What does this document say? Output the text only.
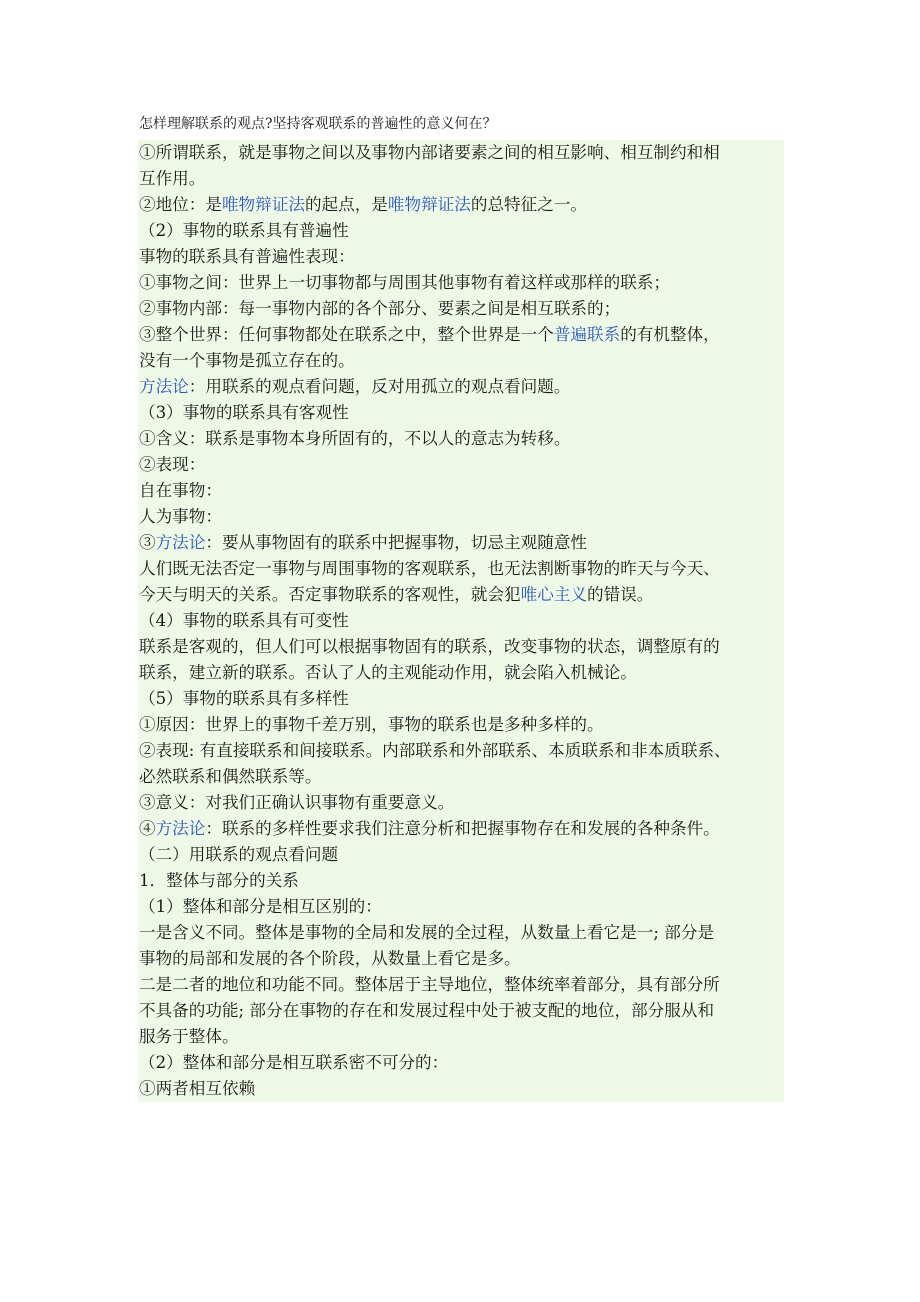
怎样理解联系的观点?坚持客观联系的普遍性的意义何在？
①所谓联系，就是事物之间以及事物内部诸要素之间的相互影响、相互制约和相
互作用。
②地位：是唯物辩证法的起点，是唯物辩证法的总特征之一。
（2）事物的联系具有普遍性
事物的联系具有普遍性表现：
①事物之间：世界上一切事物都与周围其他事物有着这样或那样的联系；
②事物内部：每一事物内部的各个部分、要素之间是相互联系的；
③整个世界：任何事物都处在联系之中，整个世界是一个普遍联系的有机整体，
没有一个事物是孤立存在的。
方法论：用联系的观点看问题，反对用孤立的观点看问题。
（3）事物的联系具有客观性
①含义：联系是事物本身所固有的，不以人的意志为转移。
②表现：
自在事物：
人为事物：
③方法论：要从事物固有的联系中把握事物，切忌主观随意性
人们既无法否定一事物与周围事物的客观联系，也无法割断事物的昨天与今天、
今天与明天的关系。否定事物联系的客观性，就会犯唯心主义的错误。
（4）事物的联系具有可变性
联系是客观的，但人们可以根据事物固有的联系，改变事物的状态，调整原有的
联系，建立新的联系。否认了人的主观能动作用，就会陷入机械论。
（5）事物的联系具有多样性
①原因：世界上的事物千差万别，事物的联系也是多种多样的。
②表现: 有直接联系和间接联系。内部联系和外部联系、本质联系和非本质联系、
必然联系和偶然联系等。
③意义：对我们正确认识事物有重要意义。
④方法论：联系的多样性要求我们注意分析和把握事物存在和发展的各种条件。
（二）用联系的观点看问题
1．整体与部分的关系
（1）整体和部分是相互区别的：
一是含义不同。整体是事物的全局和发展的全过程，从数量上看它是一; 部分是
事物的局部和发展的各个阶段，从数量上看它是多。
二是二者的地位和功能不同。整体居于主导地位，整体统率着部分，具有部分所
不具备的功能; 部分在事物的存在和发展过程中处于被支配的地位，部分服从和
服务于整体。
（2）整体和部分是相互联系密不可分的：
①两者相互依赖
